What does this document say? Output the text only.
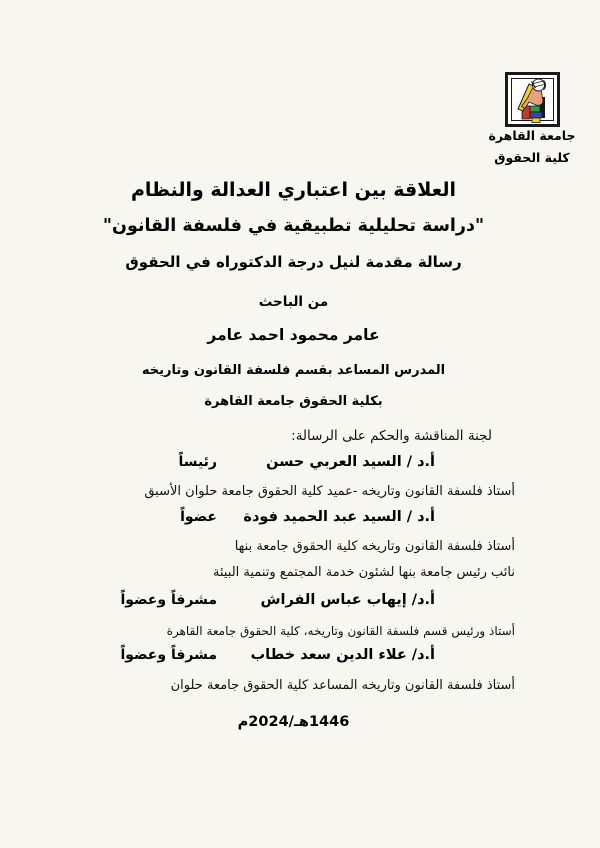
جامعة القاهرة
كلية الحقوق
العلاقة بين اعتباري العدالة والنظام
"دراسة تحليلية تطبيقية في فلسفة القانون"
رسالة مقدمة لنيل درجة الدكتوراه في الحقوق
من الباحث
عامر محمود احمد عامر
المدرس المساعد بقسم فلسفة القانون وتاريخه
بكلية الحقوق جامعة القاهرة
لجنة المناقشة والحكم على الرسالة:
أ.د / السيد العربي حسن
رئيساً
أستاذ فلسفة القانون وتاريخه -عميد كلية الحقوق جامعة حلوان الأسبق
أ.د / السيد عبد الحميد فودة
عضواً
أستاذ فلسفة القانون وتاريخه كلية الحقوق جامعة بنها
نائب رئيس جامعة بنها لشئون خدمة المجتمع وتنمية البيئة
أ.د/ إيهاب عباس الفراش
مشرفاً وعضواً
أستاذ ورئيس قسم فلسفة القانون وتاريخه، كلية الحقوق جامعة القاهرة
أ.د/ علاء الدين سعد خطاب
مشرفاً وعضواً
أستاذ فلسفة القانون وتاريخه المساعد كلية الحقوق جامعة حلوان
1446هـ/2024م
